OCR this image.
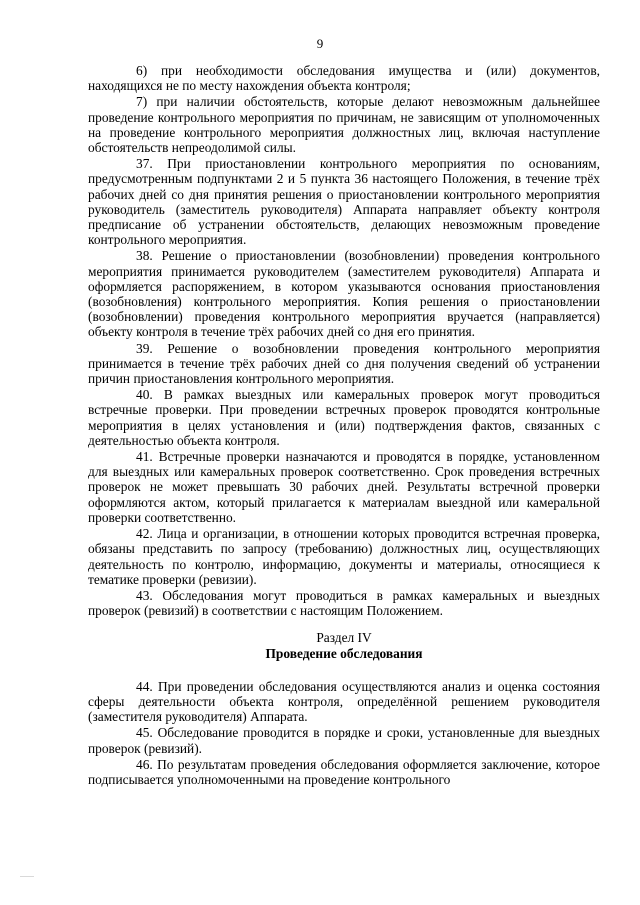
9

6) при необходимости обследования имущества и (или) документов, находящихся не по месту нахождения объекта контроля;

7) при наличии обстоятельств, которые делают невозможным дальнейшее проведение контрольного мероприятия по причинам, не зависящим от уполномоченных на проведение контрольного мероприятия должностных лиц, включая наступление обстоятельств непреодолимой силы.

37. При приостановлении контрольного мероприятия по основаниям, предусмотренным подпунктами 2 и 5 пункта 36 настоящего Положения, в течение трёх рабочих дней со дня принятия решения о приостановлении контрольного мероприятия руководитель (заместитель руководителя) Аппарата направляет объекту контроля предписание об устранении обстоятельств, делающих невозможным проведение контрольного мероприятия.

38. Решение о приостановлении (возобновлении) проведения контрольного мероприятия принимается руководителем (заместителем руководителя) Аппарата и оформляется распоряжением, в котором указываются основания приостановления (возобновления) контрольного мероприятия. Копия решения о приостановлении (возобновлении) проведения контрольного мероприятия вручается (направляется) объекту контроля в течение трёх рабочих дней со дня его принятия.

39. Решение о возобновлении проведения контрольного мероприятия принимается в течение трёх рабочих дней со дня получения сведений об устранении причин приостановления контрольного мероприятия.

40. В рамках выездных или камеральных проверок могут проводиться встречные проверки. При проведении встречных проверок проводятся контрольные мероприятия в целях установления и (или) подтверждения фактов, связанных с деятельностью объекта контроля.

41. Встречные проверки назначаются и проводятся в порядке, установленном для выездных или камеральных проверок соответственно. Срок проведения встречных проверок не может превышать 30 рабочих дней. Результаты встречной проверки оформляются актом, который прилагается к материалам выездной или камеральной проверки соответственно.

42. Лица и организации, в отношении которых проводится встречная проверка, обязаны представить по запросу (требованию) должностных лиц, осуществляющих деятельность по контролю, информацию, документы и материалы, относящиеся к тематике проверки (ревизии).

43. Обследования могут проводиться в рамках камеральных и выездных проверок (ревизий) в соответствии с настоящим Положением.

Раздел IV
Проведение обследования

44. При проведении обследования осуществляются анализ и оценка состояния сферы деятельности объекта контроля, определённой решением руководителя (заместителя руководителя) Аппарата.

45. Обследование проводится в порядке и сроки, установленные для выездных проверок (ревизий).

46. По результатам проведения обследования оформляется заключение, которое подписывается уполномоченными на проведение контрольного
